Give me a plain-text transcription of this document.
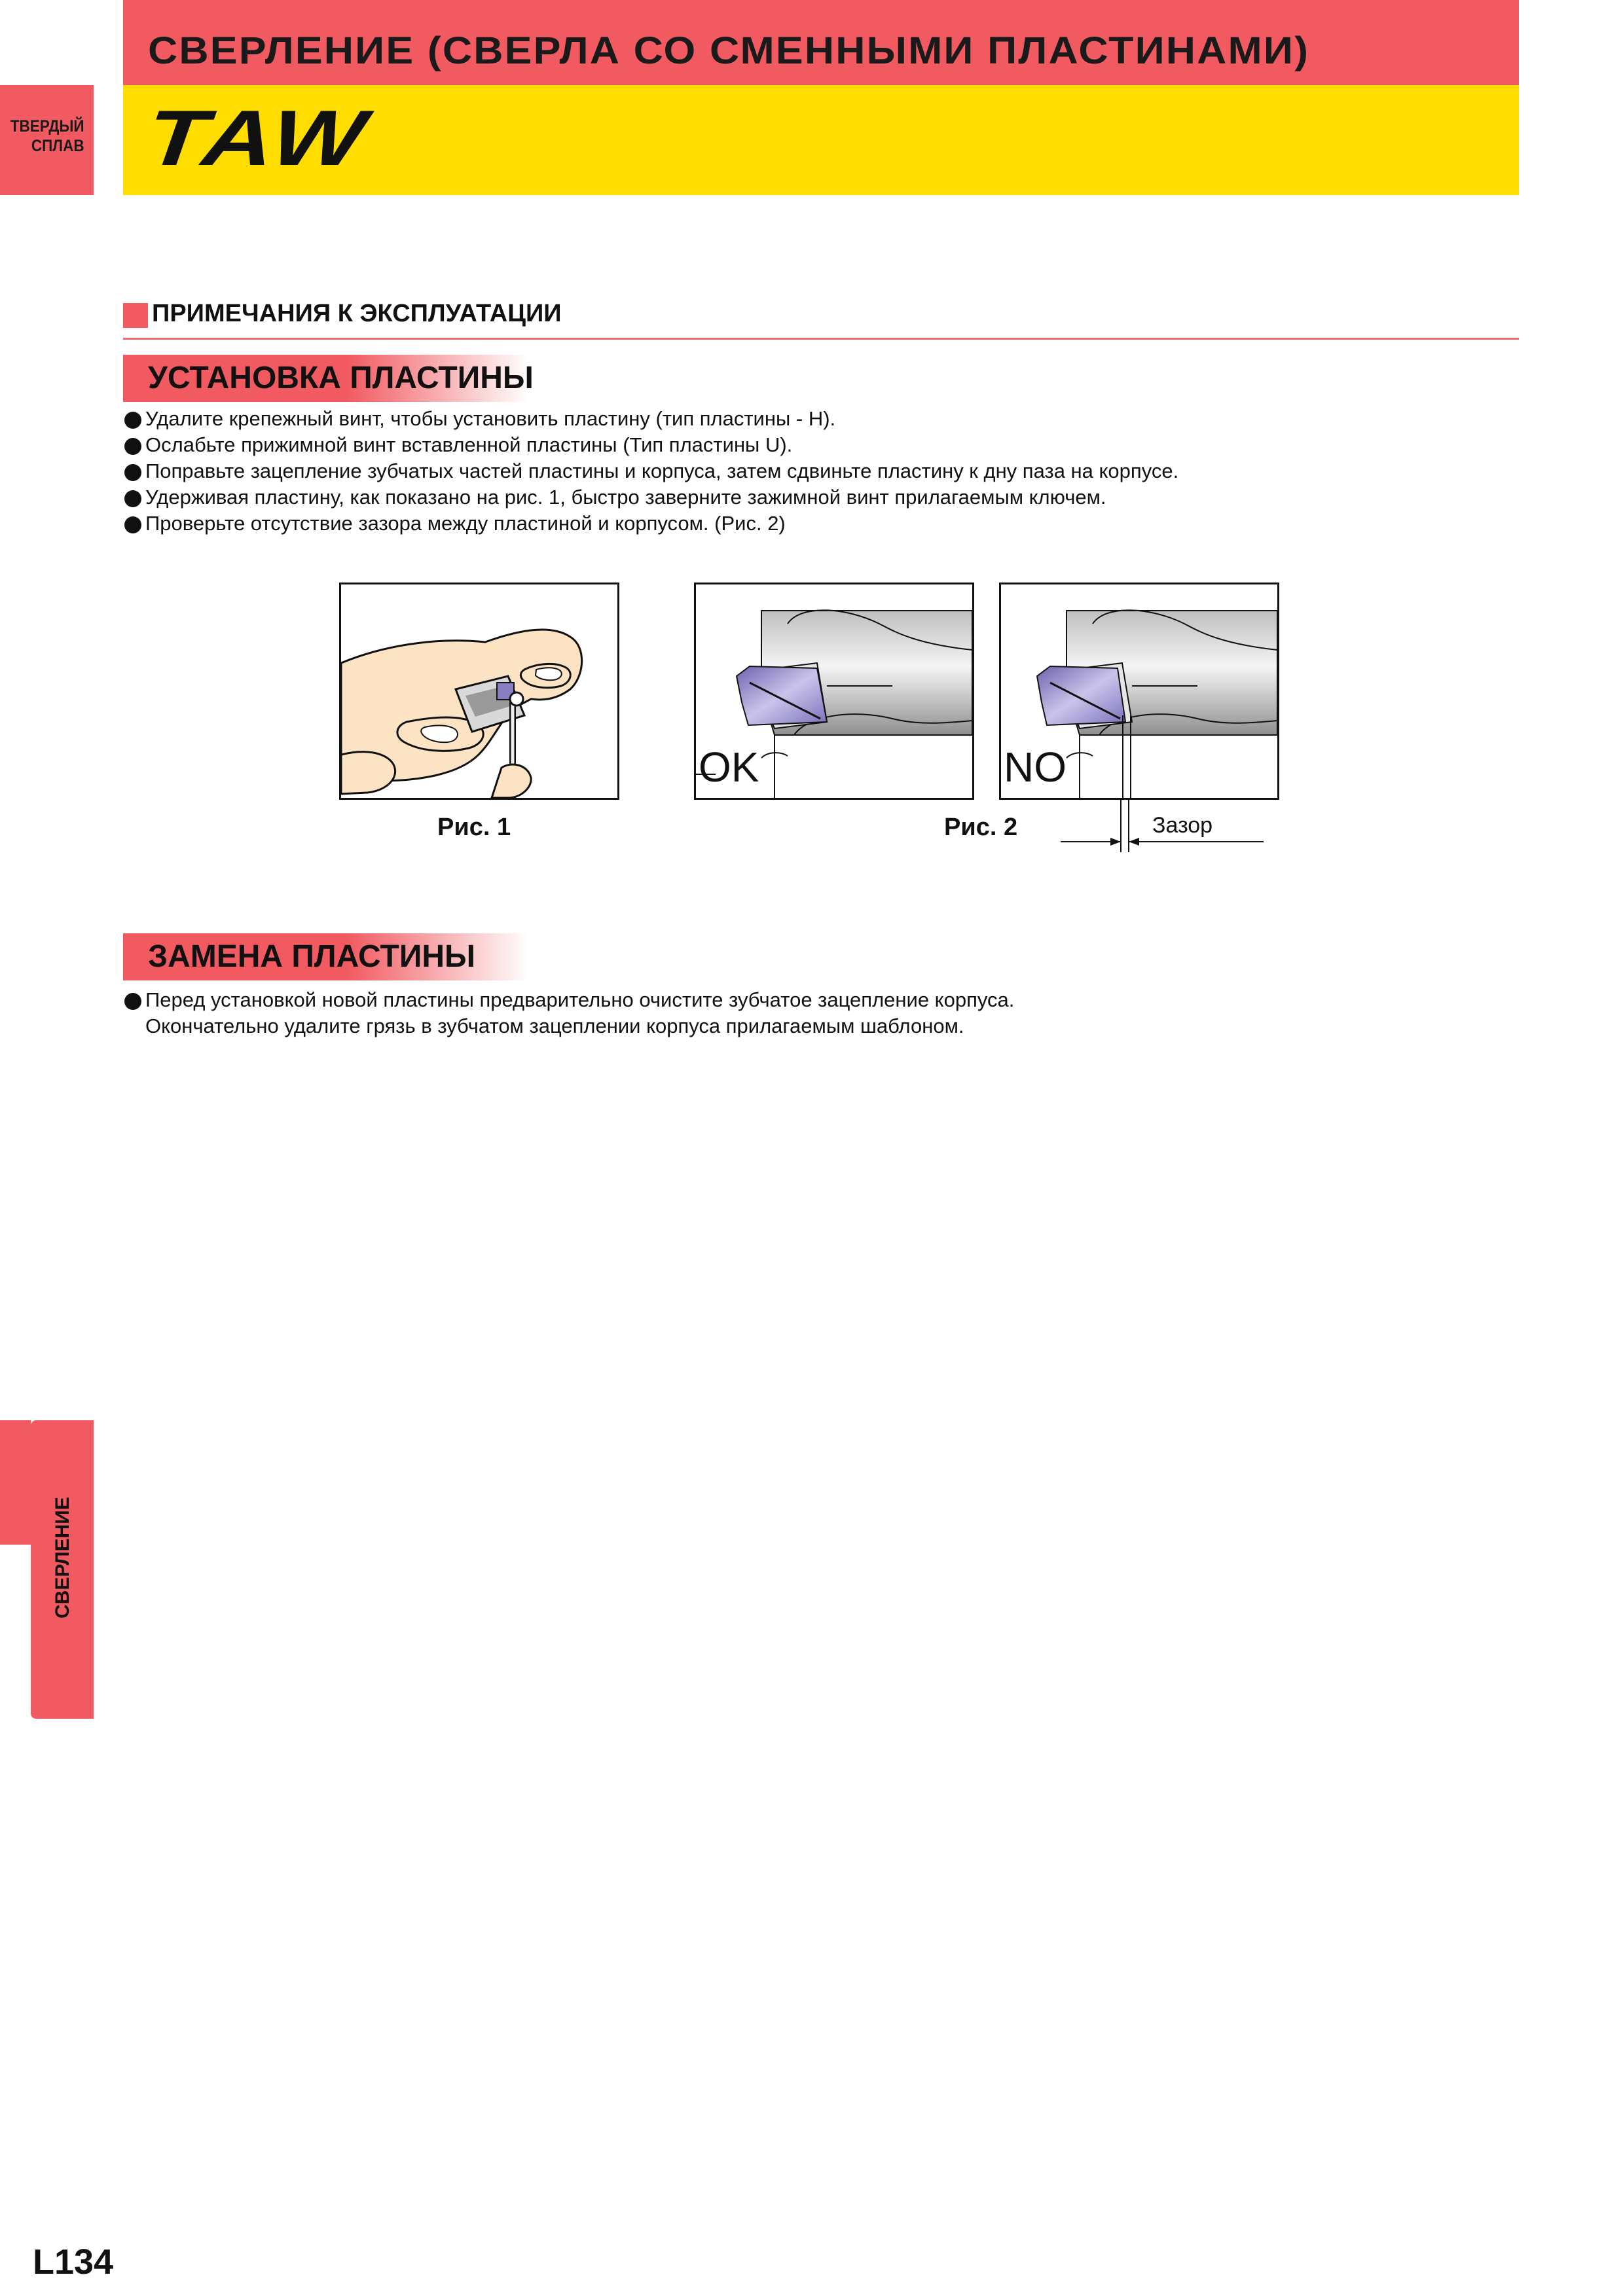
СВЕРЛЕНИЕ (СВЕРЛА СО СМЕННЫМИ ПЛАСТИНАМИ)
TAW
ТВЕРДЫЙ
СПЛАВ
ПРИМЕЧАНИЯ К ЭКСПЛУАТАЦИИ
УСТАНОВКА ПЛАСТИНЫ
Удалите крепежный винт, чтобы установить пластину (тип пластины - H).
Ослабьте прижимной винт вставленной пластины (Тип пластины U).
Поправьте зацепление зубчатых частей пластины и корпуса, затем сдвиньте пластину к дну паза на корпусе.
Удерживая пластину, как показано на рис. 1, быстро заверните зажимной винт прилагаемым ключем.
Проверьте отсутствие зазора между пластиной и корпусом. (Рис. 2)
Рис. 1
OK	NO
Рис. 2	Зазор
ЗАМЕНА ПЛАСТИНЫ
Перед установкой новой пластины предварительно очистите зубчатое зацепление корпуса.
Окончательно удалите грязь в зубчатом зацеплении корпуса прилагаемым шаблоном.
СВЕРЛЕНИЕ
L134
